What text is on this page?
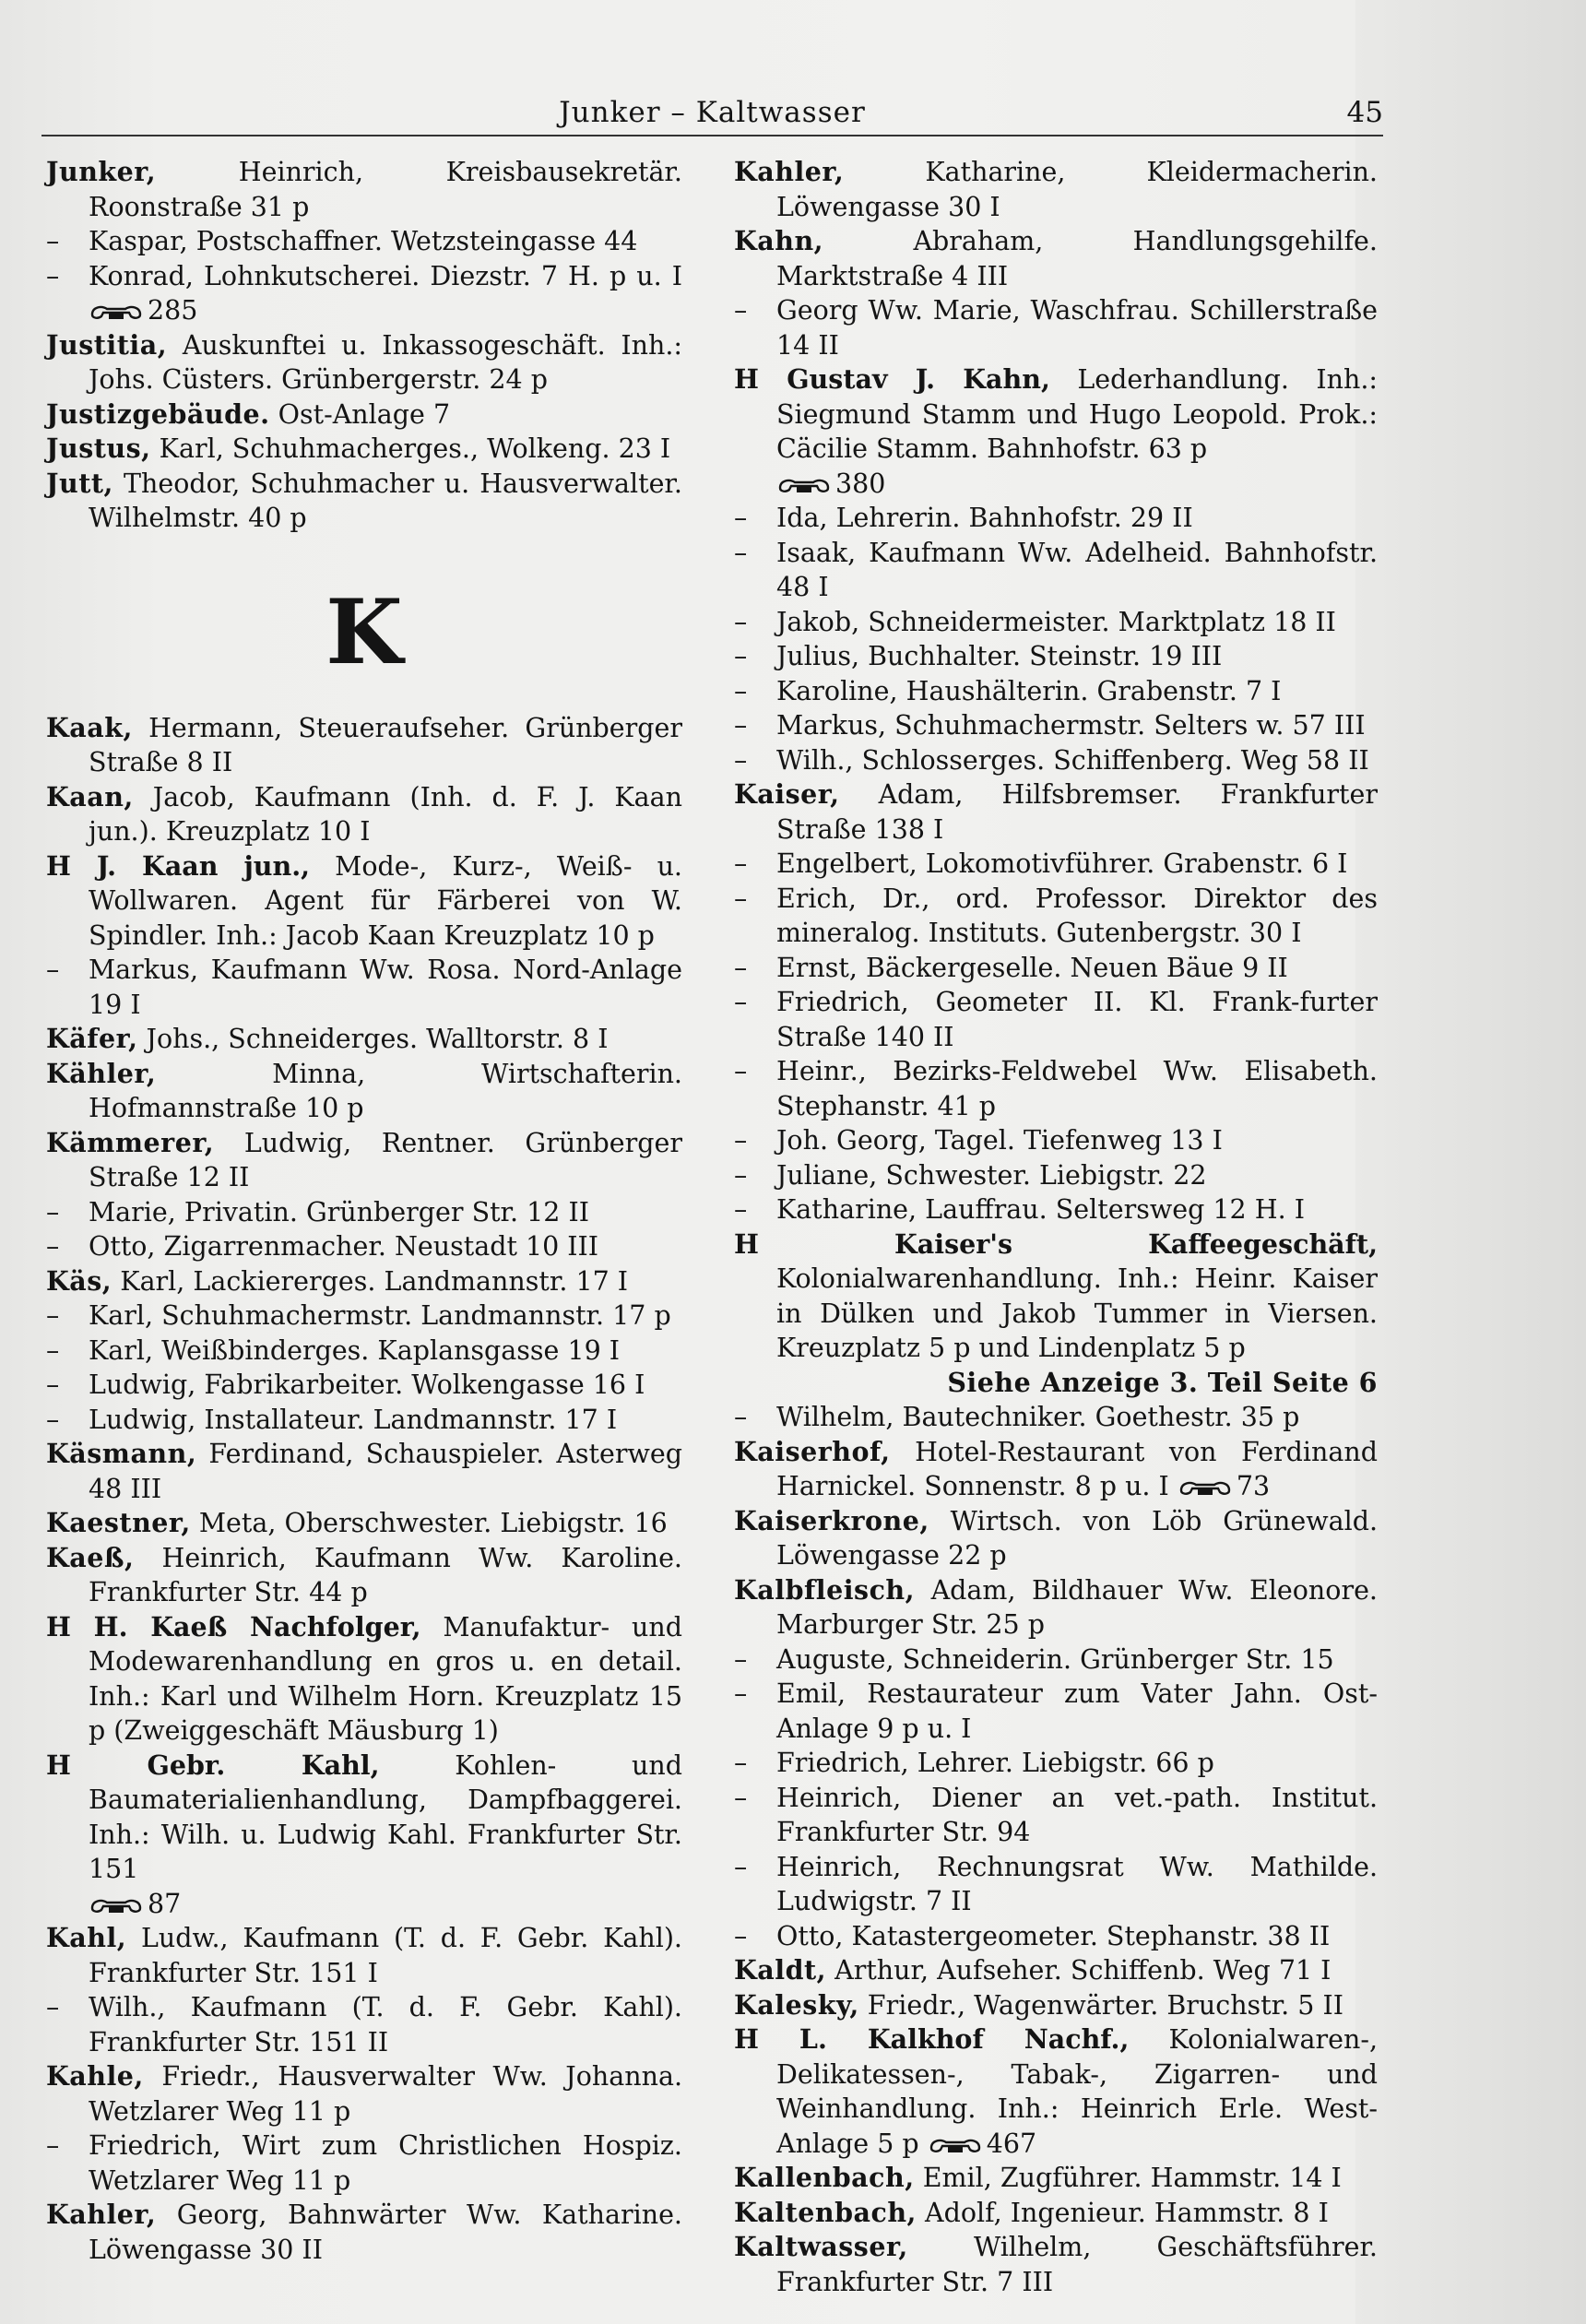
Junker – Kaltwasser	45
Junker, Heinrich, Kreisbausekretär. Roonstraße 31 p
– Kaspar, Postschaffner. Wetzsteingasse 44
– Konrad, Lohnkutscherei. Diezstr. 7 H. p u. I 285
Justitia, Auskunftei u. Inkassogeschäft. Inh.: Johs. Cüsters. Grünbergerstr. 24 p
Justizgebäude. Ost-Anlage 7
Justus, Karl, Schuhmacherges., Wolkeng. 23 I
Jutt, Theodor, Schuhmacher u. Hausverwalter. Wilhelmstr. 40 p
K
Kaak, Hermann, Steueraufseher. Grünberger Straße 8 II
Kaan, Jacob, Kaufmann (Inh. d. F. J. Kaan jun.). Kreuzplatz 10 I
H J. Kaan jun., Mode-, Kurz-, Weiß- u. Wollwaren. Agent für Färberei von W. Spindler. Inh.: Jacob Kaan Kreuzplatz 10 p
– Markus, Kaufmann Ww. Rosa. Nord-Anlage 19 I
Käfer, Johs., Schneiderges. Walltorstr. 8 I
Kähler, Minna, Wirtschafterin. Hofmannstraße 10 p
Kämmerer, Ludwig, Rentner. Grünberger Straße 12 II
– Marie, Privatin. Grünberger Str. 12 II
– Otto, Zigarrenmacher. Neustadt 10 III
Käs, Karl, Lackiererges. Landmannstr. 17 I
– Karl, Schuhmachermstr. Landmannstr. 17 p
– Karl, Weißbinderges. Kaplansgasse 19 I
– Ludwig, Fabrikarbeiter. Wolkengasse 16 I
– Ludwig, Installateur. Landmannstr. 17 I
Käsmann, Ferdinand, Schauspieler. Asterweg 48 III
Kaestner, Meta, Oberschwester. Liebigstr. 16
Kaeß, Heinrich, Kaufmann Ww. Karoline. Frankfurter Str. 44 p
H H. Kaeß Nachfolger, Manufaktur- und Modewarenhandlung en gros u. en detail. Inh.: Karl und Wilhelm Horn. Kreuzplatz 15 p (Zweiggeschäft Mäusburg 1)
H Gebr. Kahl, Kohlen- und Baumaterialienhandlung, Dampfbaggerei. Inh.: Wilh. u. Ludwig Kahl. Frankfurter Str. 151
87
Kahl, Ludw., Kaufmann (T. d. F. Gebr. Kahl). Frankfurter Str. 151 I
– Wilh., Kaufmann (T. d. F. Gebr. Kahl). Frankfurter Str. 151 II
Kahle, Friedr., Hausverwalter Ww. Johanna. Wetzlarer Weg 11 p
– Friedrich, Wirt zum Christlichen Hospiz. Wetzlarer Weg 11 p
Kahler, Georg, Bahnwärter Ww. Katharine. Löwengasse 30 II
Kahler, Katharine, Kleidermacherin. Löwengasse 30 I
Kahn, Abraham, Handlungsgehilfe. Marktstraße 4 III
– Georg Ww. Marie, Waschfrau. Schillerstraße 14 II
H Gustav J. Kahn, Lederhandlung. Inh.: Siegmund Stamm und Hugo Leopold. Prok.: Cäcilie Stamm. Bahnhofstr. 63 p
380
– Ida, Lehrerin. Bahnhofstr. 29 II
– Isaak, Kaufmann Ww. Adelheid. Bahnhofstr. 48 I
– Jakob, Schneidermeister. Marktplatz 18 II
– Julius, Buchhalter. Steinstr. 19 III
– Karoline, Haushälterin. Grabenstr. 7 I
– Markus, Schuhmachermstr. Selters w. 57 III
– Wilh., Schlosserges. Schiffenberg. Weg 58 II
Kaiser, Adam, Hilfsbremser. Frankfurter Straße 138 I
– Engelbert, Lokomotivführer. Grabenstr. 6 I
– Erich, Dr., ord. Professor. Direktor des mineralog. Instituts. Gutenbergstr. 30 I
– Ernst, Bäckergeselle. Neuen Bäue 9 II
– Friedrich, Geometer II. Kl. Frank-furter Straße 140 II
– Heinr., Bezirks-Feldwebel Ww. Elisabeth. Stephanstr. 41 p
– Joh. Georg, Tagel. Tiefenweg 13 I
– Juliane, Schwester. Liebigstr. 22
– Katharine, Lauffrau. Seltersweg 12 H. I
H Kaiser's Kaffeegeschäft, Kolonialwarenhandlung. Inh.: Heinr. Kaiser in Dülken und Jakob Tummer in Viersen. Kreuzplatz 5 p und Lindenplatz 5 p
Siehe Anzeige 3. Teil Seite 6
– Wilhelm, Bautechniker. Goethestr. 35 p
Kaiserhof, Hotel-Restaurant von Ferdinand Harnickel. Sonnenstr. 8 p u. I	73
Kaiserkrone, Wirtsch. von Löb Grünewald. Löwengasse 22 p
Kalbfleisch, Adam, Bildhauer Ww. Eleonore. Marburger Str. 25 p
– Auguste, Schneiderin. Grünberger Str. 15
– Emil, Restaurateur zum Vater Jahn. Ost-Anlage 9 p u. I
– Friedrich, Lehrer. Liebigstr. 66 p
– Heinrich, Diener an vet.-path. Institut. Frankfurter Str. 94
– Heinrich, Rechnungsrat Ww. Mathilde. Ludwigstr. 7 II
– Otto, Katastergeometer. Stephanstr. 38 II
Kaldt, Arthur, Aufseher. Schiffenb. Weg 71 I
Kalesky, Friedr., Wagenwärter. Bruchstr. 5 II
H L. Kalkhof Nachf., Kolonialwaren-, Delikatessen-, Tabak-, Zigarren- und Weinhandlung. Inh.: Heinrich Erle. West-Anlage 5 p	467
Kallenbach, Emil, Zugführer. Hammstr. 14 I
Kaltenbach, Adolf, Ingenieur. Hammstr. 8 I
Kaltwasser, Wilhelm, Geschäftsführer. Frankfurter Str. 7 III
